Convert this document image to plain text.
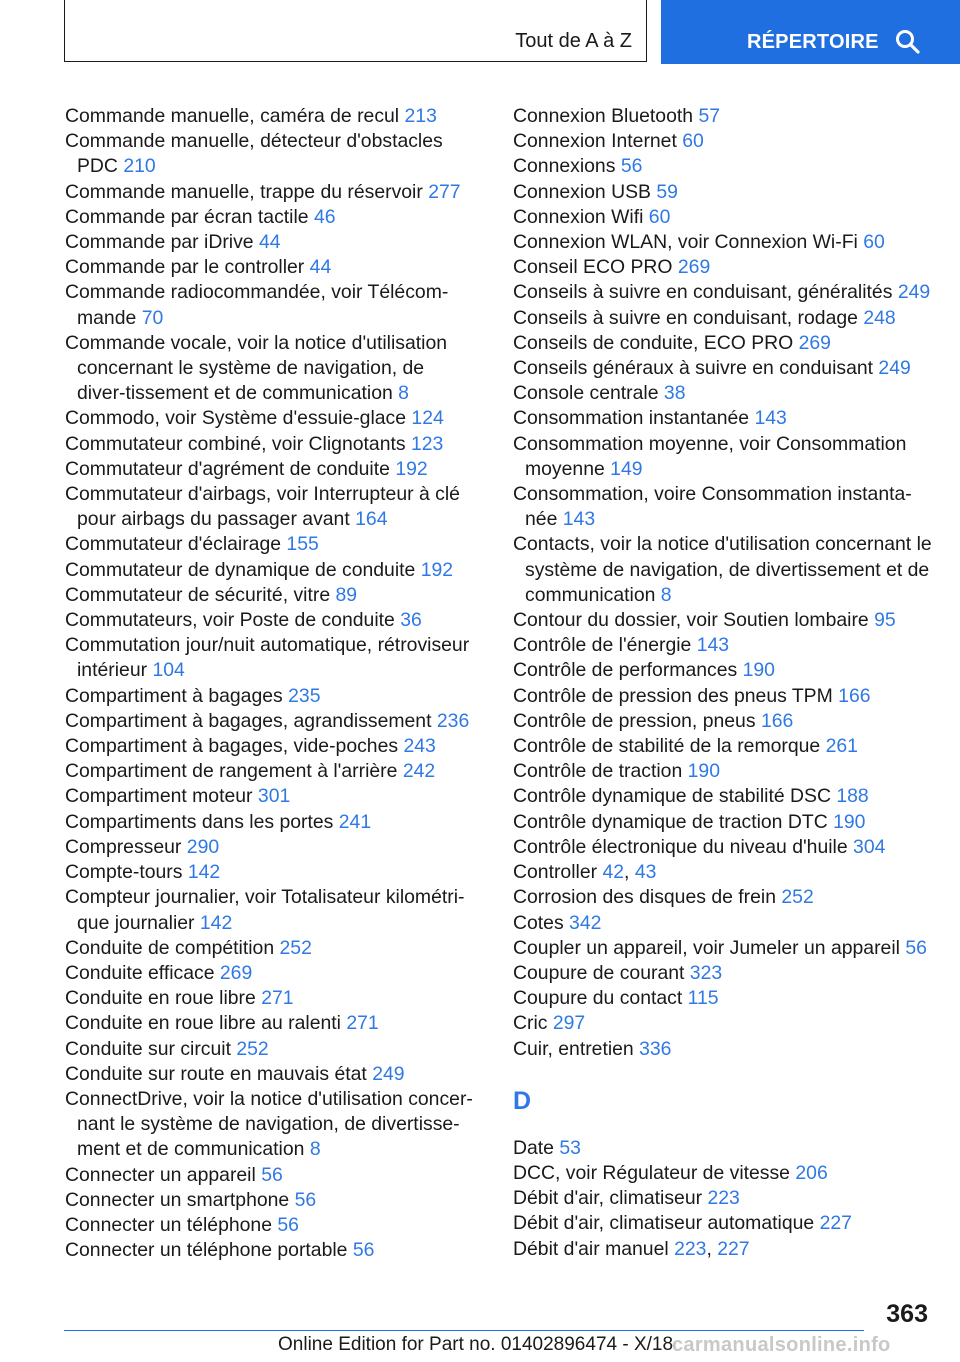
Tout de A à Z	RÉPERTOIRE
Commande manuelle, caméra de recul 213
Commande manuelle, détecteur d'obstacles PDC 210
Commande manuelle, trappe du réservoir 277
Commande par écran tactile 46
Commande par iDrive 44
Commande par le controller 44
Commande radiocommandée, voir Télécom‐mande 70
Commande vocale, voir la notice d'utilisation concernant le système de navigation, de diver‐tissement et de communication 8
Commodo, voir Système d'essuie-glace 124
Commutateur combiné, voir Clignotants 123
Commutateur d'agrément de conduite 192
Commutateur d'airbags, voir Interrupteur à clé pour airbags du passager avant 164
Commutateur d'éclairage 155
Commutateur de dynamique de conduite 192
Commutateur de sécurité, vitre 89
Commutateurs, voir Poste de conduite 36
Commutation jour/nuit automatique, rétroviseur intérieur 104
Compartiment à bagages 235
Compartiment à bagages, agrandissement 236
Compartiment à bagages, vide-poches 243
Compartiment de rangement à l'arrière 242
Compartiment moteur 301
Compartiments dans les portes 241
Compresseur 290
Compte-tours 142
Compteur journalier, voir Totalisateur kilométri‐que journalier 142
Conduite de compétition 252
Conduite efficace 269
Conduite en roue libre 271
Conduite en roue libre au ralenti 271
Conduite sur circuit 252
Conduite sur route en mauvais état 249
ConnectDrive, voir la notice d'utilisation concer‐nant le système de navigation, de divertisse‐ment et de communication 8
Connecter un appareil 56
Connecter un smartphone 56
Connecter un téléphone 56
Connecter un téléphone portable 56
Connexion Bluetooth 57
Connexion Internet 60
Connexions 56
Connexion USB 59
Connexion Wifi 60
Connexion WLAN, voir Connexion Wi-Fi 60
Conseil ECO PRO 269
Conseils à suivre en conduisant, généralités 249
Conseils à suivre en conduisant, rodage 248
Conseils de conduite, ECO PRO 269
Conseils généraux à suivre en conduisant 249
Console centrale 38
Consommation instantanée 143
Consommation moyenne, voir Consommation moyenne 149
Consommation, voire Consommation instanta‐née 143
Contacts, voir la notice d'utilisation concernant le système de navigation, de divertissement et de communication 8
Contour du dossier, voir Soutien lombaire 95
Contrôle de l'énergie 143
Contrôle de performances 190
Contrôle de pression des pneus TPM 166
Contrôle de pression, pneus 166
Contrôle de stabilité de la remorque 261
Contrôle de traction 190
Contrôle dynamique de stabilité DSC 188
Contrôle dynamique de traction DTC 190
Contrôle électronique du niveau d'huile 304
Controller 42, 43
Corrosion des disques de frein 252
Cotes 342
Coupler un appareil, voir Jumeler un appareil 56
Coupure de courant 323
Coupure du contact 115
Cric 297
Cuir, entretien 336
D
Date 53
DCC, voir Régulateur de vitesse 206
Débit d'air, climatiseur 223
Débit d'air, climatiseur automatique 227
Débit d'air manuel 223, 227
363
Online Edition for Part no. 01402896474 - X/18
carmanualsonline.info
